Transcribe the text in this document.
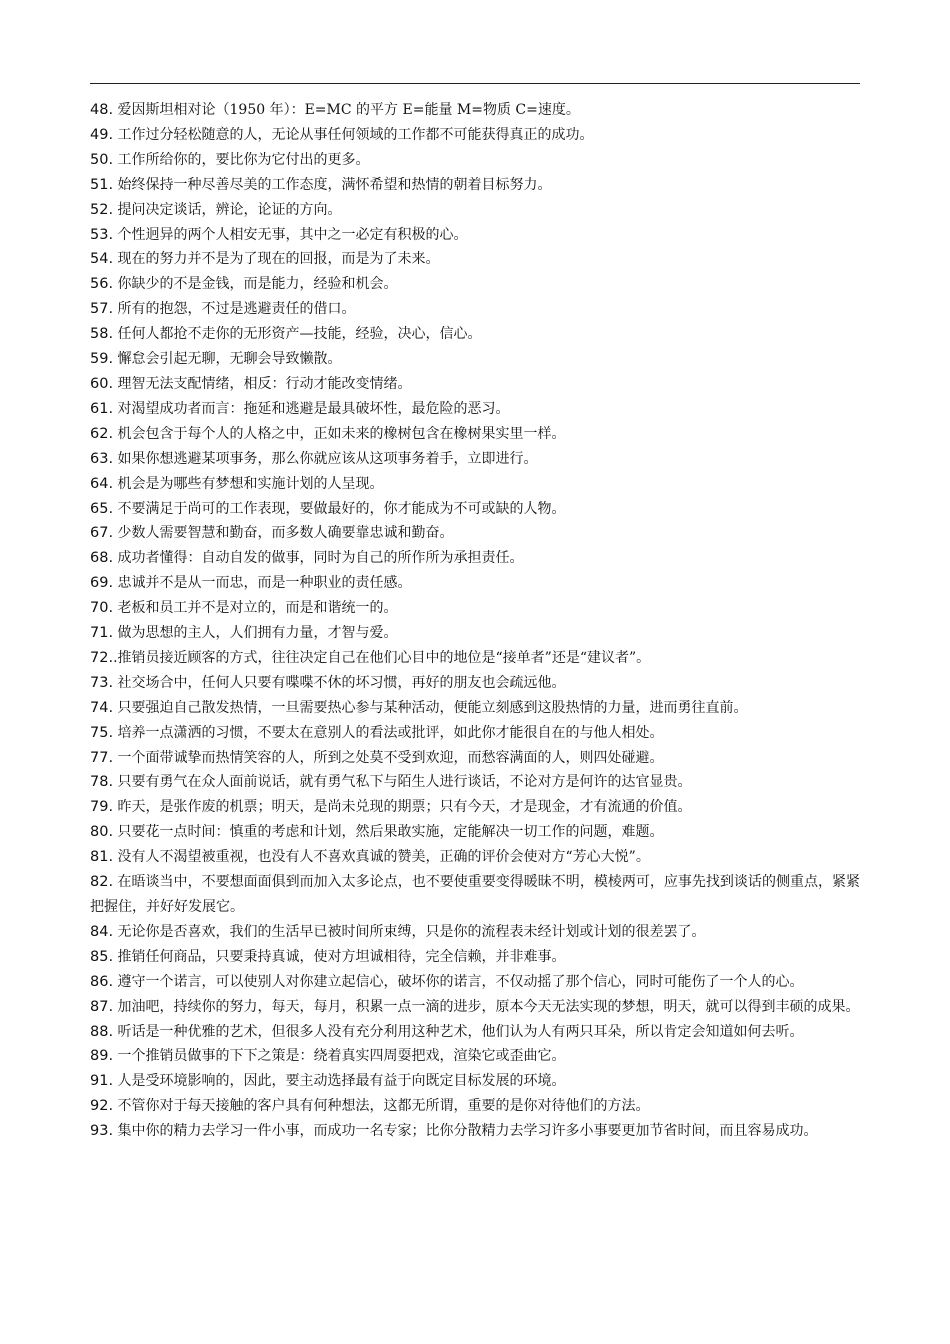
48. 爱因斯坦相对论（1950 年）：E=MC 的平方 E=能量 M=物质 C=速度。
49. 工作过分轻松随意的人，无论从事任何领域的工作都不可能获得真正的成功。
50. 工作所给你的，要比你为它付出的更多。
51. 始终保持一种尽善尽美的工作态度，满怀希望和热情的朝着目标努力。
52. 提问决定谈话，辨论，论证的方向。
53. 个性迥异的两个人相安无事，其中之一必定有积极的心。
54. 现在的努力并不是为了现在的回报，而是为了未来。
56. 你缺少的不是金钱，而是能力，经验和机会。
57. 所有的抱怨，不过是逃避责任的借口。
58. 任何人都抢不走你的无形资产—技能，经验，决心，信心。
59. 懈怠会引起无聊，无聊会导致懒散。
60. 理智无法支配情绪，相反：行动才能改变情绪。
61. 对渴望成功者而言：拖延和逃避是最具破坏性，最危险的恶习。
62. 机会包含于每个人的人格之中，正如未来的橡树包含在橡树果实里一样。
63. 如果你想逃避某项事务，那么你就应该从这项事务着手，立即进行。
64. 机会是为哪些有梦想和实施计划的人呈现。
65. 不要满足于尚可的工作表现，要做最好的，你才能成为不可或缺的人物。
67. 少数人需要智慧和勤奋，而多数人确要靠忠诚和勤奋。
68. 成功者懂得：自动自发的做事，同时为自己的所作所为承担责任。
69. 忠诚并不是从一而忠，而是一种职业的责任感。
70. 老板和员工并不是对立的，而是和谐统一的。
71. 做为思想的主人，人们拥有力量，才智与爱。
72..推销员接近顾客的方式，往往决定自己在他们心目中的地位是“接单者”还是“建议者”。
73. 社交场合中，任何人只要有喋喋不休的坏习惯，再好的朋友也会疏远他。
74. 只要强迫自己散发热情，一旦需要热心参与某种活动，便能立刻感到这股热情的力量，进而勇往直前。
75. 培养一点潇洒的习惯，不要太在意别人的看法或批评，如此你才能很自在的与他人相处。
77. 一个面带诚挚而热情笑容的人，所到之处莫不受到欢迎，而愁容满面的人，则四处碰避。
78. 只要有勇气在众人面前说话，就有勇气私下与陌生人进行谈话，不论对方是何许的达官显贵。
79. 昨天，是张作废的机票；明天，是尚未兑现的期票；只有今天，才是现金，才有流通的价值。
80. 只要花一点时间：慎重的考虑和计划，然后果敢实施，定能解决一切工作的问题，难题。
81. 没有人不渴望被重视，也没有人不喜欢真诚的赞美，正确的评价会使对方“芳心大悦”。
82. 在晤谈当中，不要想面面俱到而加入太多论点，也不要使重要变得暖昧不明，模棱两可，应事先找到谈话的侧重点，紧紧把握住，并好好发展它。
84. 无论你是否喜欢，我们的生活早已被时间所束缚，只是你的流程表未经计划或计划的很差罢了。
85. 推销任何商品，只要秉持真诚，使对方坦诚相待，完全信赖，并非难事。
86. 遵守一个诺言，可以使别人对你建立起信心，破坏你的诺言，不仅动摇了那个信心，同时可能伤了一个人的心。
87. 加油吧，持续你的努力，每天，每月，积累一点一滴的进步，原本今天无法实现的梦想，明天，就可以得到丰硕的成果。
88. 听话是一种优雅的艺术，但很多人没有充分利用这种艺术，他们认为人有两只耳朵，所以肯定会知道如何去听。
89. 一个推销员做事的下下之策是：绕着真实四周耍把戏，渲染它或歪曲它。
91. 人是受环境影响的，因此，要主动选择最有益于向既定目标发展的环境。
92. 不管你对于每天接触的客户具有何种想法，这都无所谓，重要的是你对待他们的方法。
93. 集中你的精力去学习一件小事，而成功一名专家；比你分散精力去学习许多小事要更加节省时间，而且容易成功。
